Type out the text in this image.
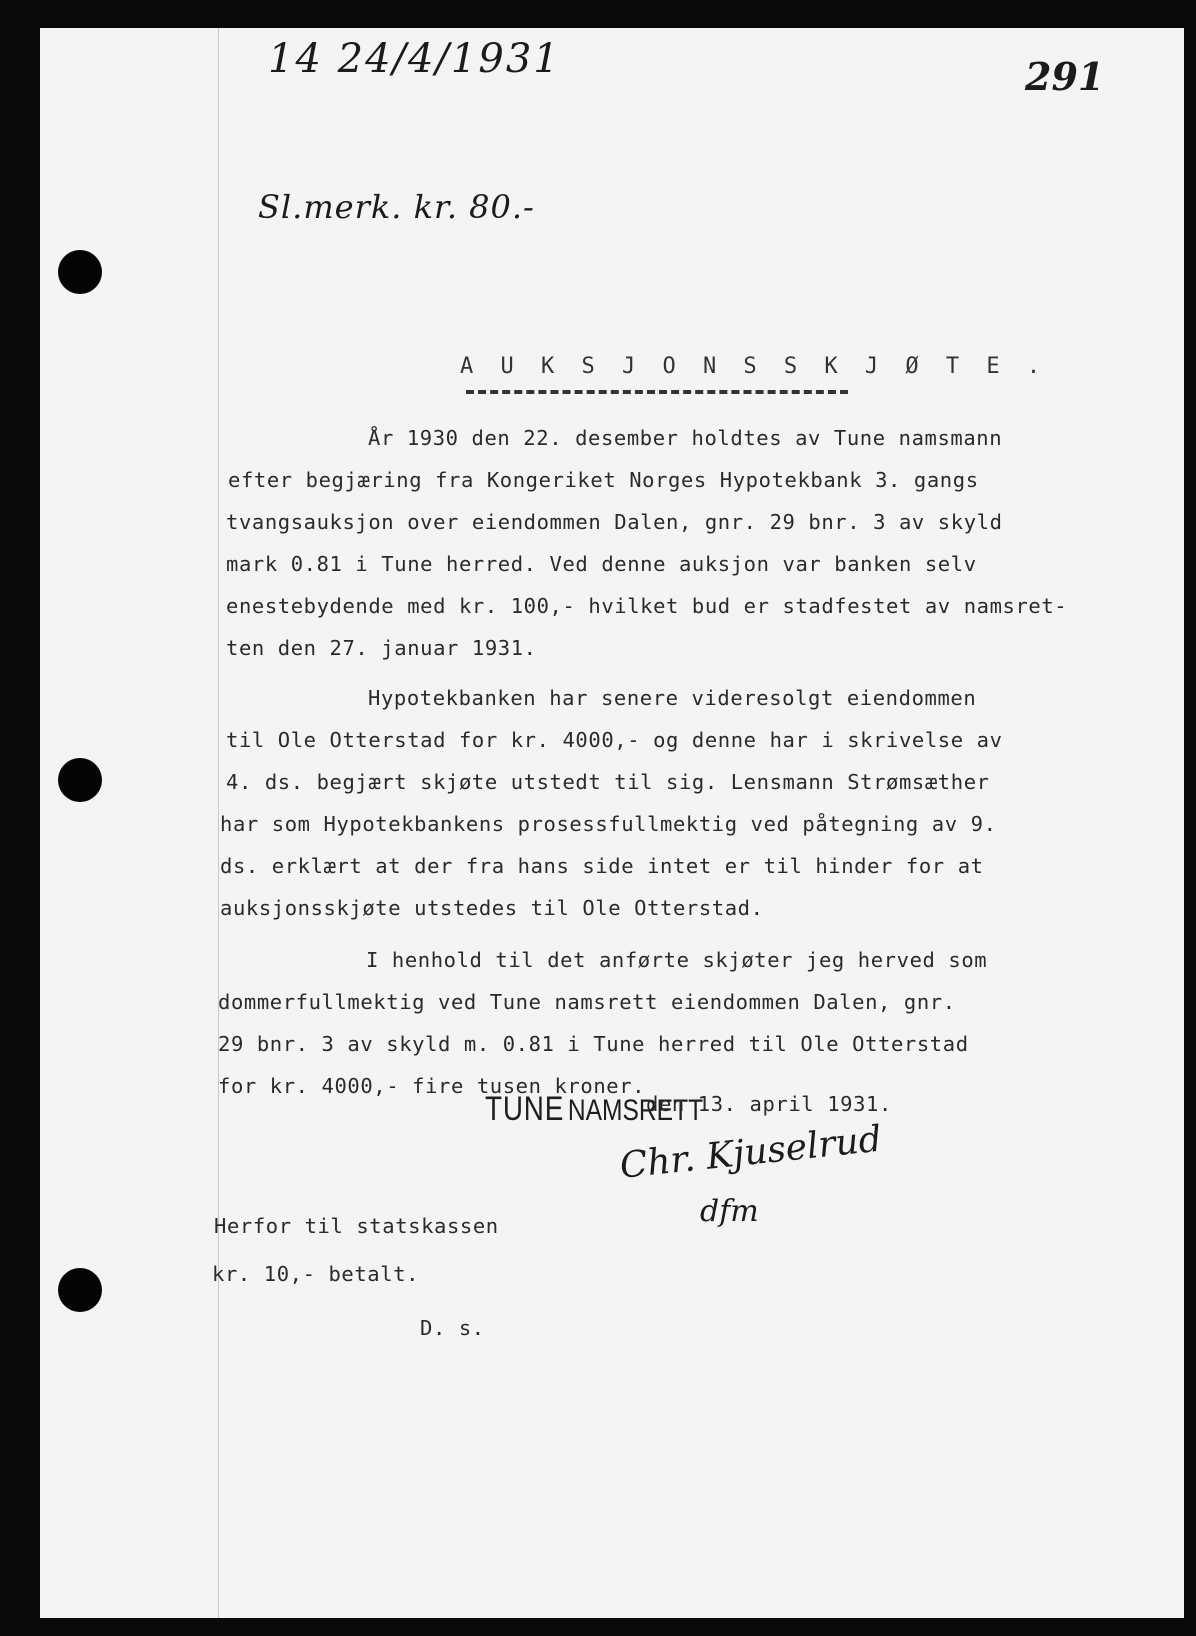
14 24/4/1931	291
Sl.merk. kr. 80.-
A U K S J O N S S K J Ø T E .
År 1930 den 22. desember holdtes av Tune namsmann
efter begjæring fra Kongeriket Norges Hypotekbank 3. gangs
tvangsauksjon over eiendommen Dalen, gnr. 29 bnr. 3 av skyld
mark 0.81 i Tune herred. Ved denne auksjon var banken selv
enestebydende med kr. 100,- hvilket bud er stadfestet av namsret-
ten den 27. januar 1931.
Hypotekbanken har senere videresolgt eiendommen
til Ole Otterstad for kr. 4000,- og denne har i skrivelse av
4. ds. begjært skjøte utstedt til sig. Lensmann Strømsæther
har som Hypotekbankens prosessfullmektig ved påtegning av 9.
ds. erklært at der fra hans side intet er til hinder for at
auksjonsskjøte utstedes til Ole Otterstad.
I henhold til det anførte skjøter jeg herved som
dommerfullmektig ved Tune namsrett eiendommen Dalen, gnr.
29 bnr. 3 av skyld m. 0.81 i Tune herred til Ole Otterstad
for kr. 4000,- fire tusen kroner.
TUNE NAMSRETT
den 13. april 1931.
Chr. Kjuselrud
dfm
Herfor til statskassen
kr. 10,- betalt.
D. s.
